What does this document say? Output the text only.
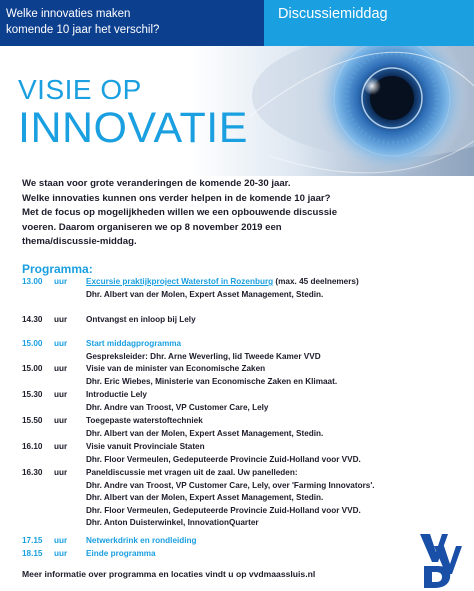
Welke innovaties maken
komende 10 jaar het verschil?
Discussiemiddag
VISIE OP
INNOVATIE
We staan voor grote veranderingen de komende 20-30 jaar.
Welke innovaties kunnen ons verder helpen in de komende 10 jaar?
Met de focus op mogelijkheden willen we een opbouwende discussie
voeren. Daarom organiseren we op 8 november 2019 een
thema/discussie-middag.
Programma:
13.00	uur Excursie praktijkproject Waterstof in Rozenburg (max. 45 deelnemers)
Dhr. Albert van der Molen, Expert Asset Management, Stedin.
14.30	uur Ontvangst en inloop bij Lely
15.00	uur Start middagprogramma
Gespreksleider: Dhr. Arne Weverling, lid Tweede Kamer VVD
15.00	uur Visie van de minister van Economische Zaken
Dhr. Eric Wiebes, Ministerie van Economische Zaken en Klimaat.
15.30	uur Introductie Lely
Dhr. Andre van Troost, VP Customer Care, Lely
15.50	uur Toegepaste waterstoftechniek
Dhr. Albert van der Molen, Expert Asset Management, Stedin.
16.10	uur Visie vanuit Provinciale Staten
Dhr. Floor Vermeulen, Gedeputeerde Provincie Zuid-Holland voor VVD.
16.30	uur Paneldiscussie met vragen uit de zaal. Uw panelleden:
Dhr. Andre van Troost, VP Customer Care, Lely, over 'Farming Innovators'.
Dhr. Albert van der Molen, Expert Asset Management, Stedin.
Dhr. Floor Vermeulen, Gedeputeerde Provincie Zuid-Holland voor VVD.
Dhr. Anton Duisterwinkel, InnovationQuarter
17.15	uur Netwerkdrink en rondleiding
18.15	uur Einde programma
Meer informatie over programma en locaties vindt u op vvdmaassluis.nl
